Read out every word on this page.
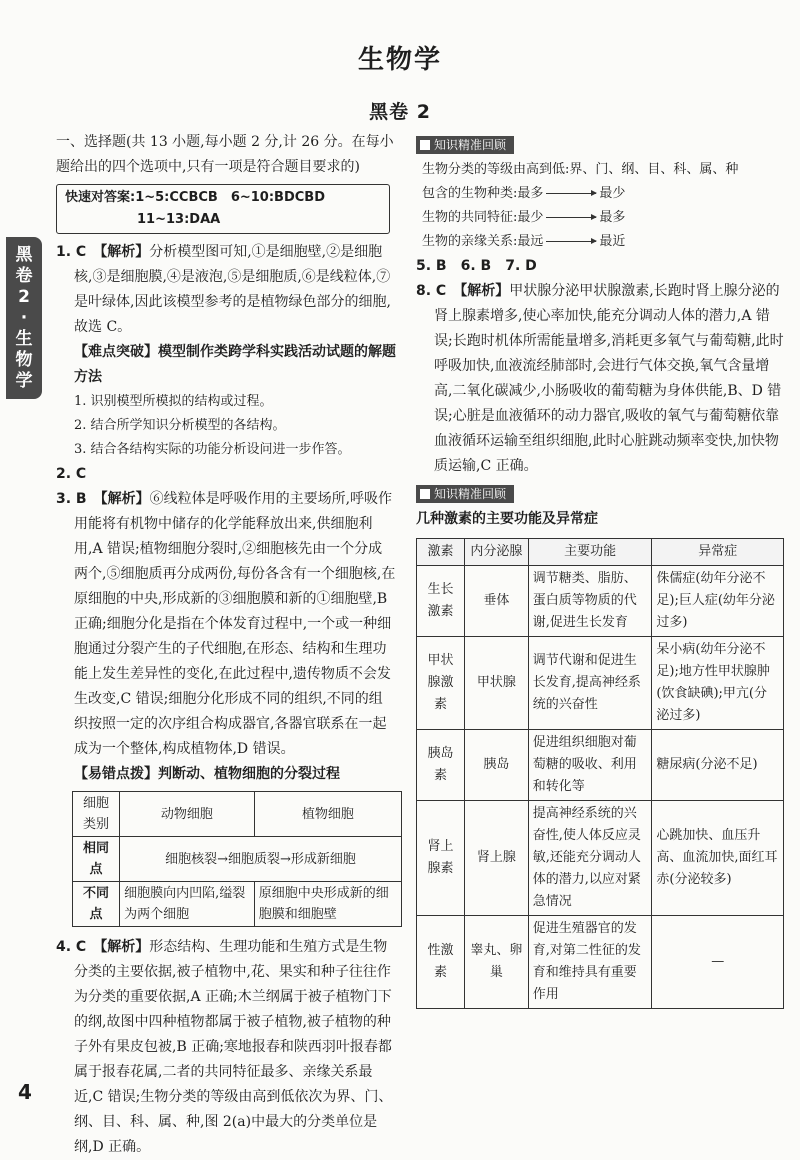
生物学
黑卷 2
黑
卷
2
·
生
物
学

一、选择题(共 13 小题,每小题 2 分,计 26 分。在每小题给出的四个选项中,只有一项是符合题目要求的)

快速对答案:1~5:CCBCB　6~10:BDCBD
11~13:DAA

1. C　【解析】分析模型图可知,①是细胞壁,②是细胞核,③是细胞膜,④是液泡,⑤是细胞质,⑥是线粒体,⑦是叶绿体,因此该模型参考的是植物绿色部分的细胞,故选 C。

【难点突破】模型制作类跨学科实践活动试题的解题方法

1. 识别模型所模拟的结构或过程。

2. 结合所学知识分析模型的各结构。

3. 结合各结构实际的功能分析设问进一步作答。

2. C

3. B　【解析】⑥线粒体是呼吸作用的主要场所,呼吸作用能将有机物中储存的化学能释放出来,供细胞利用,A 错误;植物细胞分裂时,②细胞核先由一个分成两个,⑤细胞质再分成两份,每份各含有一个细胞核,在原细胞的中央,形成新的③细胞膜和新的①细胞壁,B 正确;细胞分化是指在个体发育过程中,一个或一种细胞通过分裂产生的子代细胞,在形态、结构和生理功能上发生差异性的变化,在此过程中,遗传物质不会发生改变,C 错误;细胞分化形成不同的组织,不同的组织按照一定的次序组合构成器官,各器官联系在一起成为一个整体,构成植物体,D 错误。

【易错点拨】判断动、植物细胞的分裂过程

细胞类别	动物细胞	植物细胞
相同点	细胞核裂→细胞质裂→形成新细胞	
不同点	细胞膜向内凹陷,缢裂为两个细胞	原细胞中央形成新的细胞膜和细胞壁

4. C　【解析】形态结构、生理功能和生殖方式是生物分类的主要依据,被子植物中,花、果实和种子往往作为分类的重要依据,A 正确;木兰纲属于被子植物门下的纲,故图中四种植物都属于被子植物,被子植物的种子外有果皮包被,B 正确;寒地报春和陕西羽叶报春都属于报春花属,二者的共同特征最多、亲缘关系最近,C 错误;生物分类的等级由高到低依次为界、门、纲、目、科、属、种,图 2(a)中最大的分类单位是纲,D 正确。

知识精准回顾
生物分类的等级由高到低:界、门、纲、目、科、属、种
包含的生物种类:最多	最少
生物的共同特征:最少	最多
生物的亲缘关系:最远	最近

5. B　 6. B　 7. D

8. C　【解析】甲状腺分泌甲状腺激素,长跑时肾上腺分泌的肾上腺素增多,使心率加快,能充分调动人体的潜力,A 错误;长跑时机体所需能量增多,消耗更多氧气与葡萄糖,此时呼吸加快,血液流经肺部时,会进行气体交换,氧气含量增高,二氧化碳减少,小肠吸收的葡萄糖为身体供能,B、D 错误;心脏是血液循环的动力器官,吸收的氧气与葡萄糖依靠血液循环运输至组织细胞,此时心脏跳动频率变快,加快物质运输,C 正确。

知识精准回顾

几种激素的主要功能及异常症

激素	内分泌腺	主要功能	异常症
生长激素	垂体	调节糖类、脂肪、蛋白质等物质的代谢,促进生长发育	侏儒症(幼年分泌不足);巨人症(幼年分泌过多)
甲状腺激素	甲状腺	调节代谢和促进生长发育,提高神经系统的兴奋性	呆小病(幼年分泌不足);地方性甲状腺肿(饮食缺碘);甲亢(分泌过多)
胰岛素	胰岛	促进组织细胞对葡萄糖的吸收、利用和转化等	糖尿病(分泌不足)
肾上腺素	肾上腺	提高神经系统的兴奋性,使人体反应灵敏,还能充分调动人体的潜力,以应对紧急情况	心跳加快、血压升高、血流加快,面红耳赤(分泌较多)
性激素	睾丸、卵巢	促进生殖器官的发育,对第二性征的发育和维持具有重要作用	—
4
